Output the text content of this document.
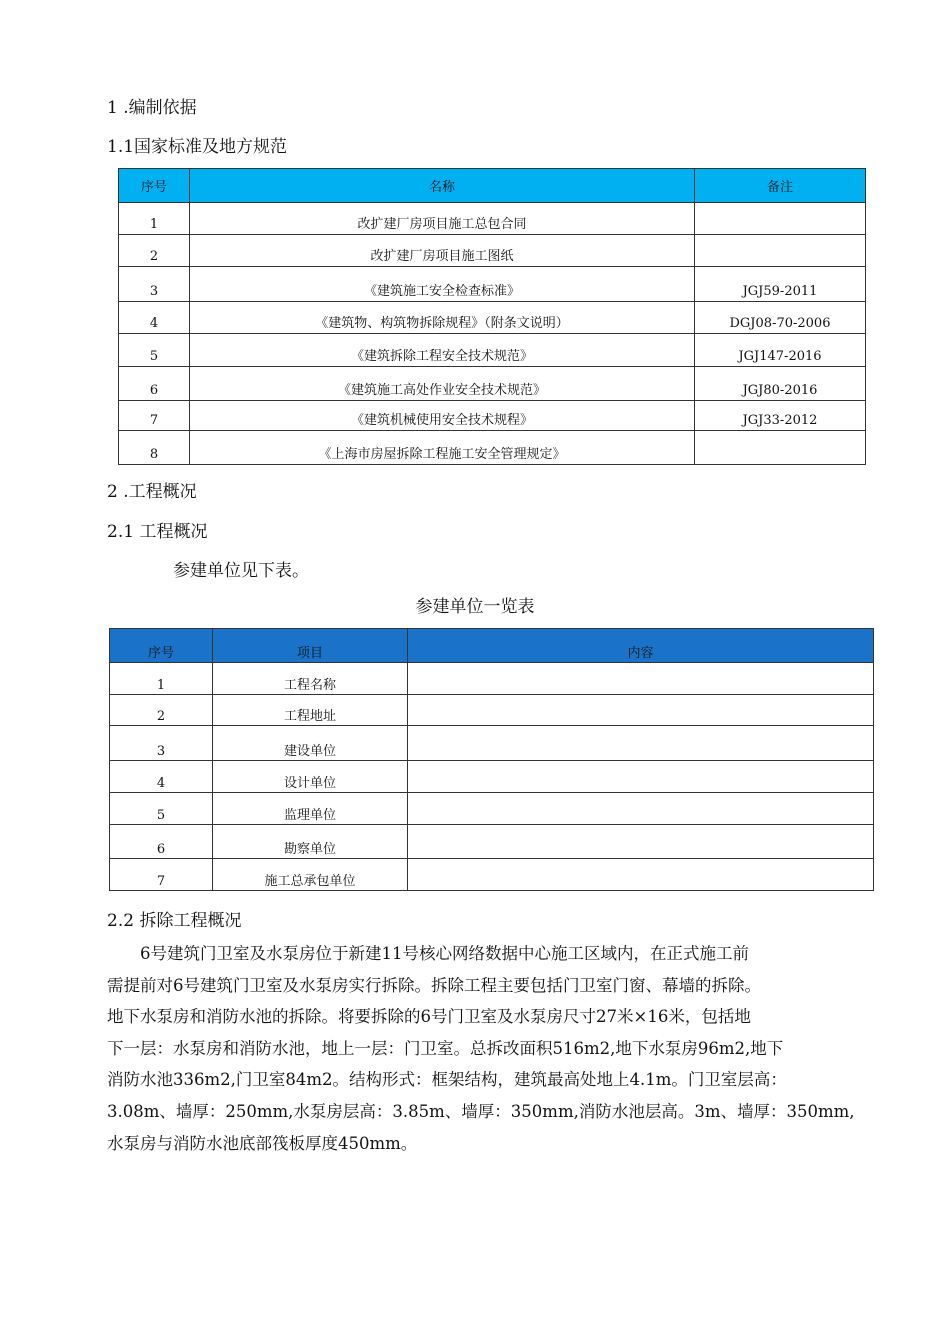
1 .编制依据
1.1国家标准及地方规范
序号	名称	备注
1	改扩建厂房项目施工总包合同	
2	改扩建厂房项目施工图纸	
3	《建筑施工安全检查标准》	JGJ59-2011
4	《建筑物、构筑物拆除规程》（附条文说明）	DGJ08-70-2006
5	《建筑拆除工程安全技术规范》	JGJ147-2016
6	《建筑施工高处作业安全技术规范》	JGJ80-2016
7	《建筑机械使用安全技术规程》	JGJ33-2012
8	《上海市房屋拆除工程施工安全管理规定》	
2 .工程概况
2.1 工程概况
参建单位见下表。
参建单位一览表
序号	项目	内容
1	工程名称	
2	工程地址	
3	建设单位	
4	设计单位	
5	监理单位	
6	勘察单位	
7	施工总承包单位	
2.2 拆除工程概况
　　6号建筑门卫室及水泵房位于新建11号核心网络数据中心施工区域内，在正式施工前
需提前对6号建筑门卫室及水泵房实行拆除。拆除工程主要包括门卫室门窗、幕墙的拆除。
地下水泵房和消防水池的拆除。将要拆除的6号门卫室及水泵房尺寸27米×16米，包括地
下一层：水泵房和消防水池，地上一层：门卫室。总拆改面积516m2,地下水泵房96m2,地下
消防水池336m2,门卫室84m2。结构形式：框架结构，建筑最高处地上4.1m。门卫室层高：
3.08m、墙厚：250mm,水泵房层高：3.85m、墙厚：350mm,消防水池层高。3m、墙厚：350mm,
水泵房与消防水池底部筏板厚度450mm。
